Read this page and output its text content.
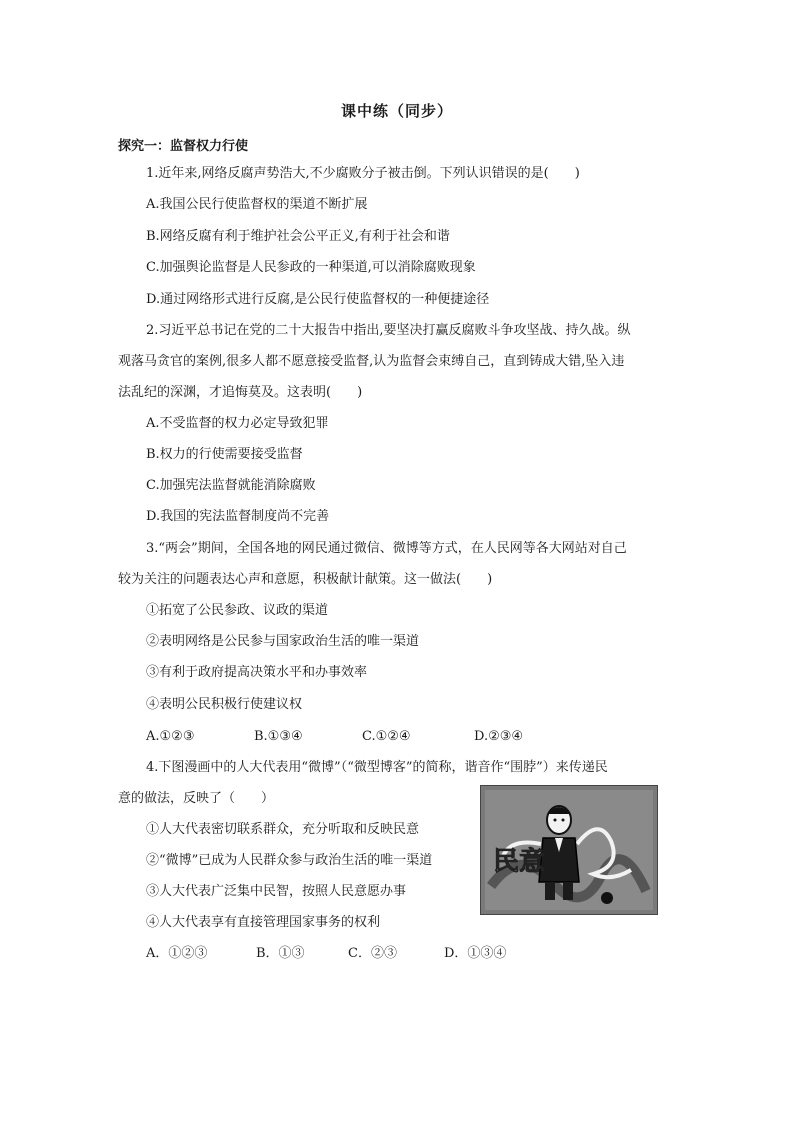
课中练（同步）
探究一：监督权力行使
1.近年来,网络反腐声势浩大,不少腐败分子被击倒。下列认识错误的是(　　)
A.我国公民行使监督权的渠道不断扩展
B.网络反腐有利于维护社会公平正义,有利于社会和谐
C.加强舆论监督是人民参政的一种渠道,可以消除腐败现象
D.通过网络形式进行反腐,是公民行使监督权的一种便捷途径
2.习近平总书记在党的二十大报告中指出,要坚决打赢反腐败斗争攻坚战、持久战。纵
观落马贪官的案例,很多人都不愿意接受监督,认为监督会束缚自己，直到铸成大错,坠入违
法乱纪的深渊，才追悔莫及。这表明(　　)
A.不受监督的权力必定导致犯罪
B.权力的行使需要接受监督
C.加强宪法监督就能消除腐败
D.我国的宪法监督制度尚不完善
3.“两会”期间，全国各地的网民通过微信、微博等方式，在人民网等各大网站对自己
较为关注的问题表达心声和意愿，积极献计献策。这一做法(　　)
①拓宽了公民参政、议政的渠道
②表明网络是公民参与国家政治生活的唯一渠道
③有利于政府提高决策水平和办事效率
④表明公民积极行使建议权
A.①②③	B.①③④	C.①②④	D.②③④
4.下图漫画中的人大代表用“微博”（“微型博客”的简称，谐音作“围脖”）来传递民
意的做法，反映了（　　）
①人大代表密切联系群众，充分听取和反映民意
②“微博”已成为人民群众参与政治生活的唯一渠道
③人大代表广泛集中民智，按照人民意愿办事
④人大代表享有直接管理国家事务的权利
A．①②③	B．①③	C．②③	D．①③④
民意
